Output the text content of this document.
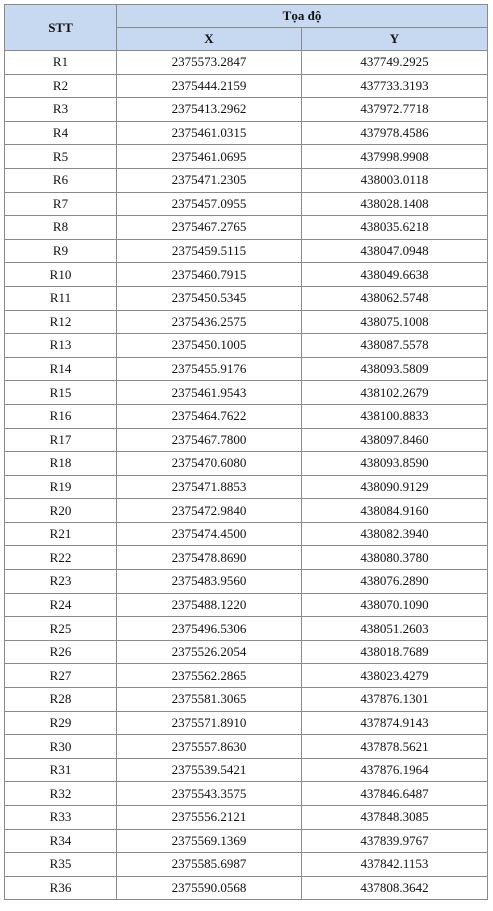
STT	Tọa độ	
	X	Y
R1	2375573.2847	437749.2925
R2	2375444.2159	437733.3193
R3	2375413.2962	437972.7718
R4	2375461.0315	437978.4586
R5	2375461.0695	437998.9908
R6	2375471.2305	438003.0118
R7	2375457.0955	438028.1408
R8	2375467.2765	438035.6218
R9	2375459.5115	438047.0948
R10	2375460.7915	438049.6638
R11	2375450.5345	438062.5748
R12	2375436.2575	438075.1008
R13	2375450.1005	438087.5578
R14	2375455.9176	438093.5809
R15	2375461.9543	438102.2679
R16	2375464.7622	438100.8833
R17	2375467.7800	438097.8460
R18	2375470.6080	438093.8590
R19	2375471.8853	438090.9129
R20	2375472.9840	438084.9160
R21	2375474.4500	438082.3940
R22	2375478.8690	438080.3780
R23	2375483.9560	438076.2890
R24	2375488.1220	438070.1090
R25	2375496.5306	438051.2603
R26	2375526.2054	438018.7689
R27	2375562.2865	438023.4279
R28	2375581.3065	437876.1301
R29	2375571.8910	437874.9143
R30	2375557.8630	437878.5621
R31	2375539.5421	437876.1964
R32	2375543.3575	437846.6487
R33	2375556.2121	437848.3085
R34	2375569.1369	437839.9767
R35	2375585.6987	437842.1153
R36	2375590.0568	437808.3642
